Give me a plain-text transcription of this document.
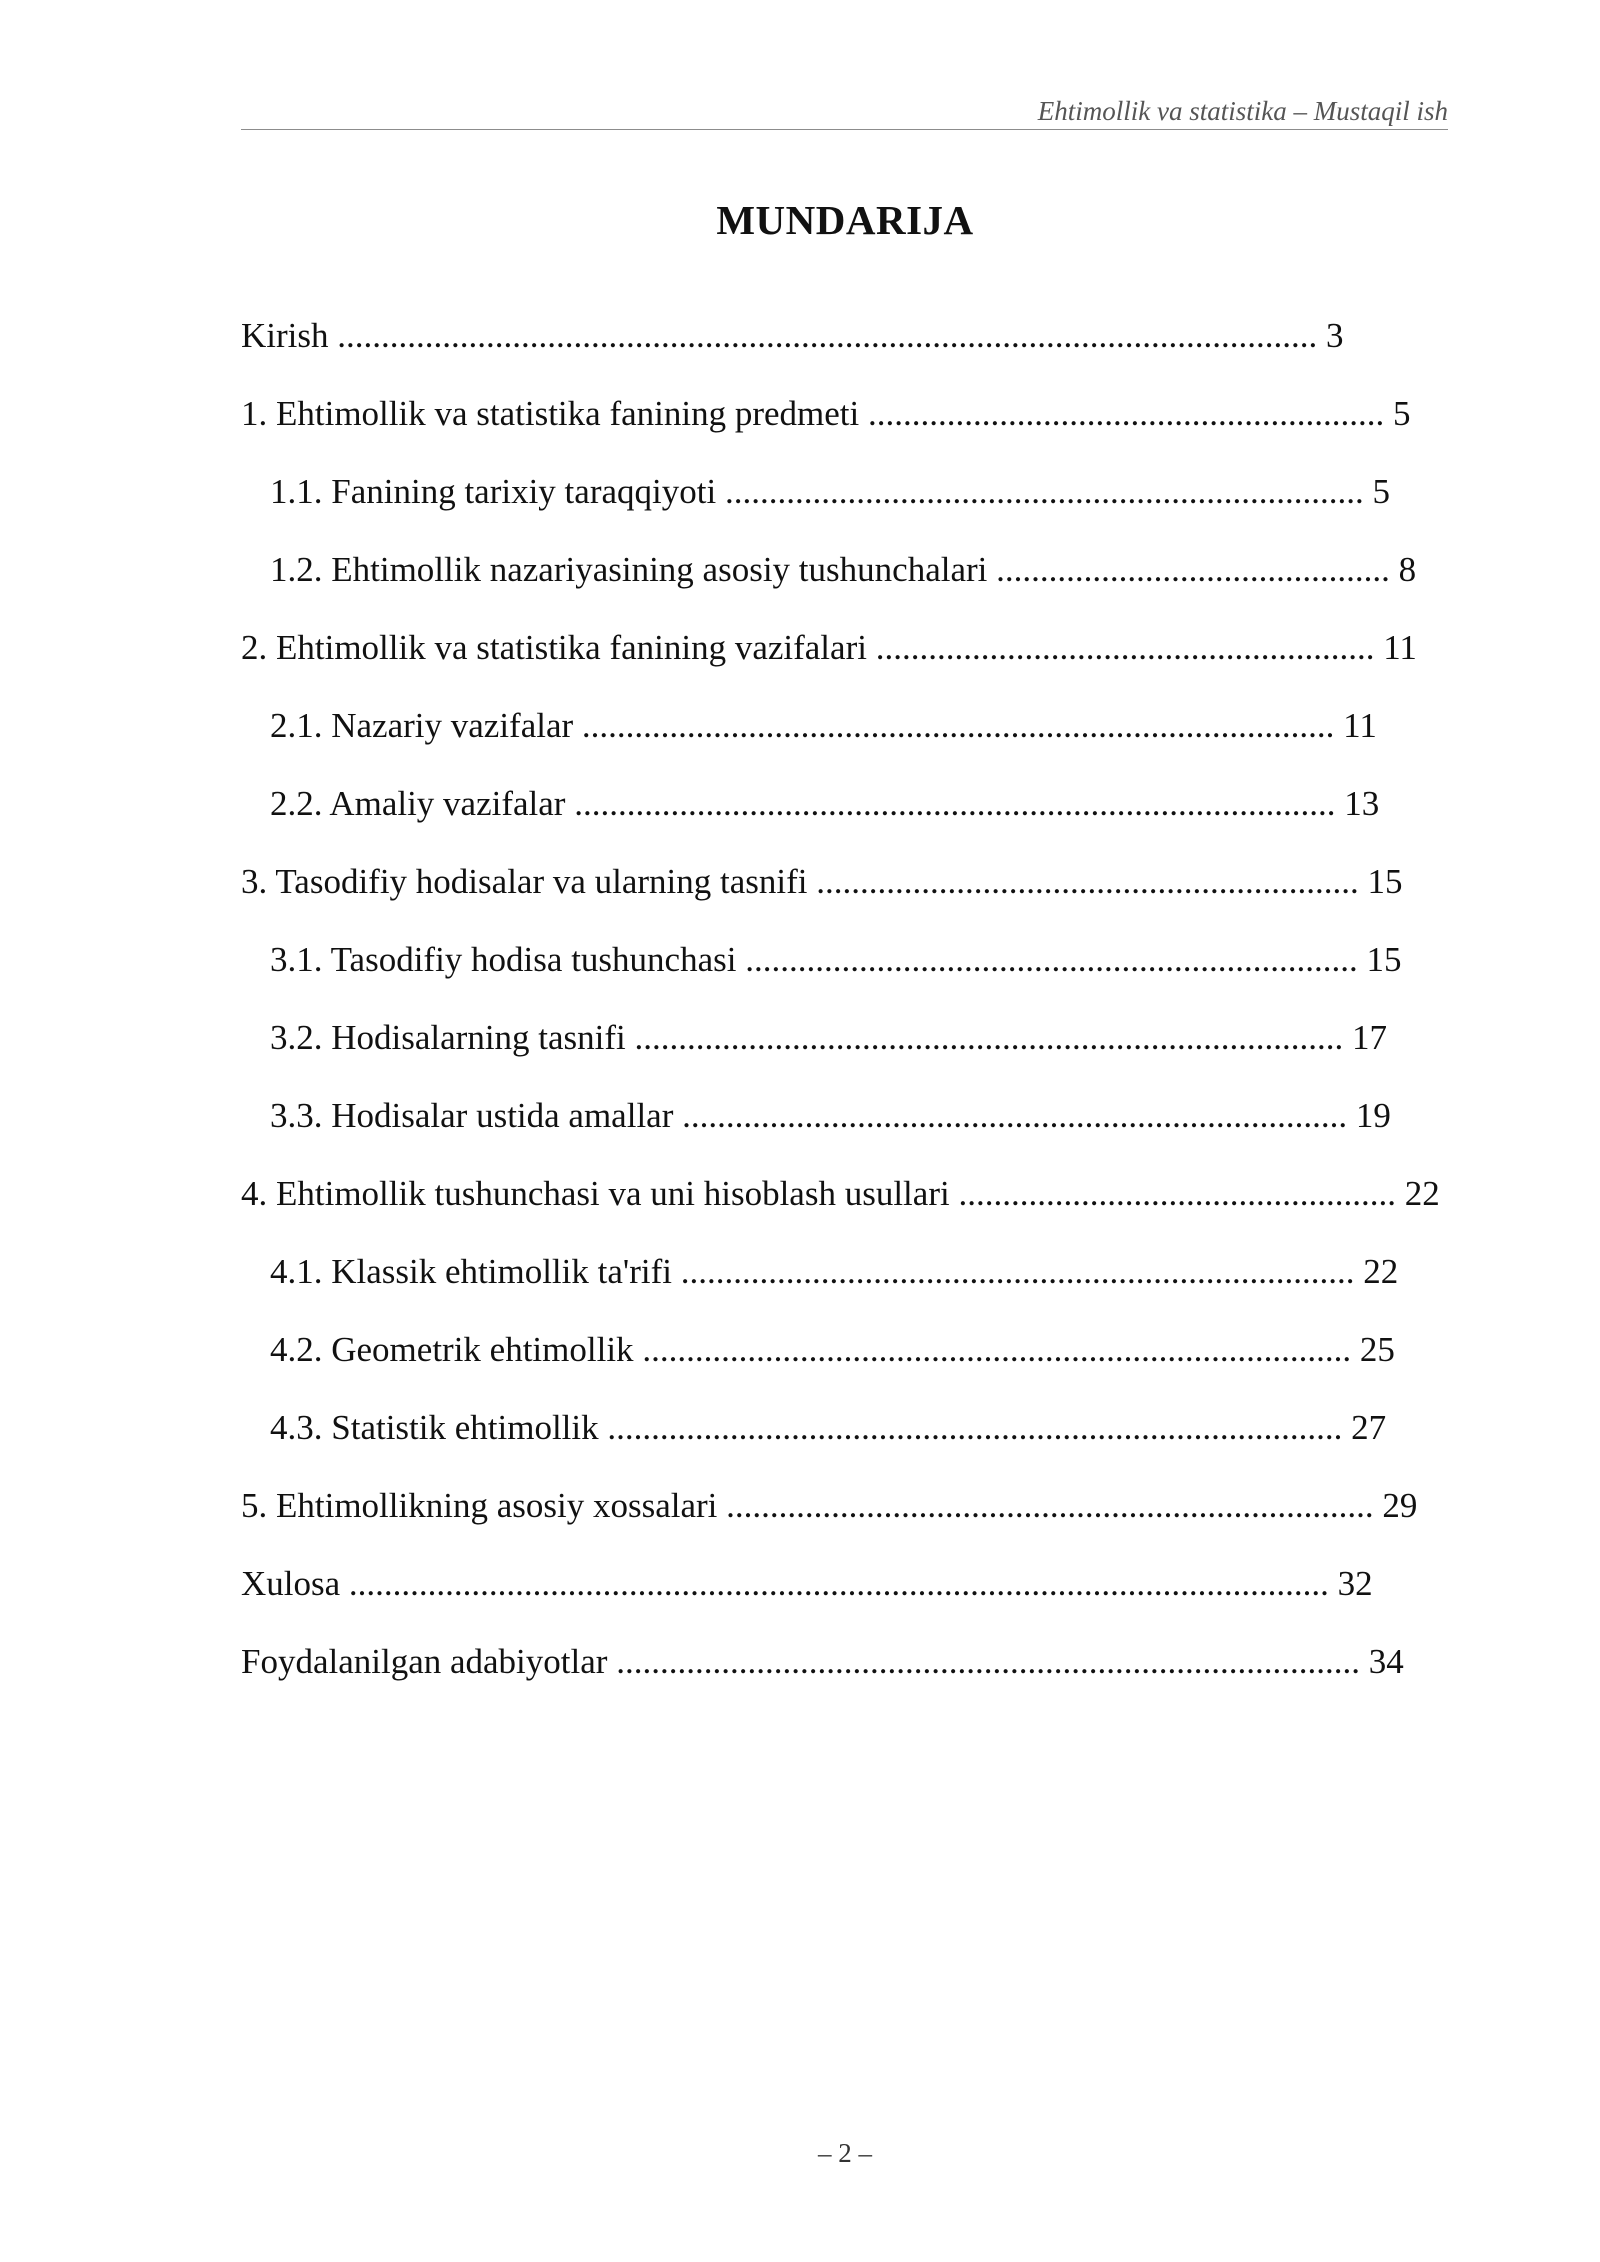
Ehtimollik va statistika – Mustaqil ish
MUNDARIJA
Kirish ................................................................................................................ 3
1. Ehtimollik va statistika fanining predmeti ........................................................... 5
1.1. Fanining tarixiy taraqqiyoti ......................................................................... 5
1.2. Ehtimollik nazariyasining asosiy tushunchalari ............................................. 8
2. Ehtimollik va statistika fanining vazifalari ......................................................... 11
2.1. Nazariy vazifalar ...................................................................................... 11
2.2. Amaliy vazifalar ....................................................................................... 13
3. Tasodifiy hodisalar va ularning tasnifi .............................................................. 15
3.1. Tasodifiy hodisa tushunchasi ...................................................................... 15
3.2. Hodisalarning tasnifi ................................................................................. 17
3.3. Hodisalar ustida amallar ............................................................................ 19
4. Ehtimollik tushunchasi va uni hisoblash usullari .................................................. 22
4.1. Klassik ehtimollik ta'rifi ............................................................................. 22
4.2. Geometrik ehtimollik ................................................................................. 25
4.3. Statistik ehtimollik .................................................................................... 27
5. Ehtimollikning asosiy xossalari .......................................................................... 29
Xulosa ................................................................................................................ 32
Foydalanilgan adabiyotlar ..................................................................................... 34
– 2 –
